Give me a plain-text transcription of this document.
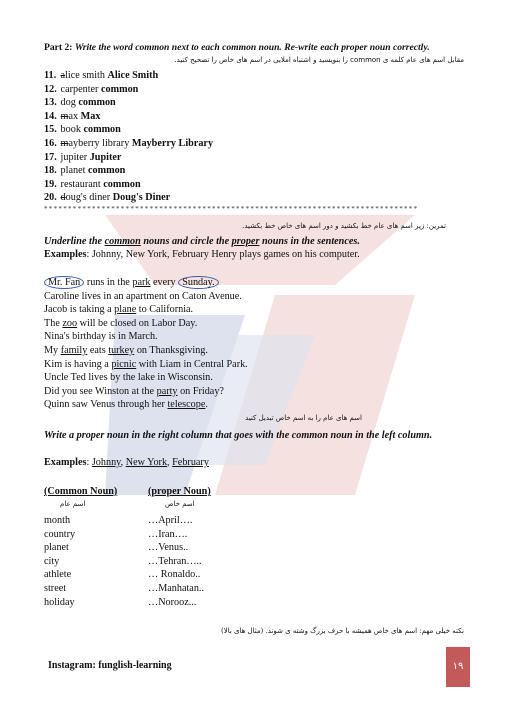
Part 2: Write the word common next to each common noun. Re-write each proper noun correctly.
مقابل اسم های عام کلمه ی common را بنویسید و اشتباه املایی در اسم های خاص را تصحیح کنید.
11. alice smith Alice Smith
12. carpenter common
13. dog common
14. max Max
15. book common
16. mayberry library Mayberry Library
17. jupiter Jupiter
18. planet common
19. restaurant common
20. doug's diner Doug's Diner
******************************************************************************
تمرین: زیر اسم های عام خط بکشید و دور اسم های خاص خط بکشید.
Underline the common nouns and circle the proper nouns in the sentences.
Examples: Johnny, New York, February Henry plays games on his computer.
Mr. Fan runs in the park every Sunday.
Caroline lives in an apartment on Caton Avenue.
Jacob is taking a plane to California.
The zoo will be closed on Labor Day.
Nina's birthday is in March.
My family eats turkey on Thanksgiving.
Kim is having a picnic with Liam in Central Park.
Uncle Ted lives by the lake in Wisconsin.
Did you see Winston at the party on Friday?
Quinn saw Venus through her telescope.
اسم های عام را به اسم خاص تبدیل کنید
Write a proper noun in the right column that goes with the common noun in the left column.
Examples: Johnny, New York, February
(Common Noun)	(proper Noun)
اسم عام	اسم خاص
month	…April….
country	…Iran….
planet	…Venus..
city	…Tehran…..
athlete	… Ronaldo..
street	…Manhatan..
holiday	…Norooz...
نکته خیلی مهم: اسم های خاص همیشه با حرف بزرگ وشته ی شوند. (مثال های بالا)
Instagram: funglish-learning	۱۹
